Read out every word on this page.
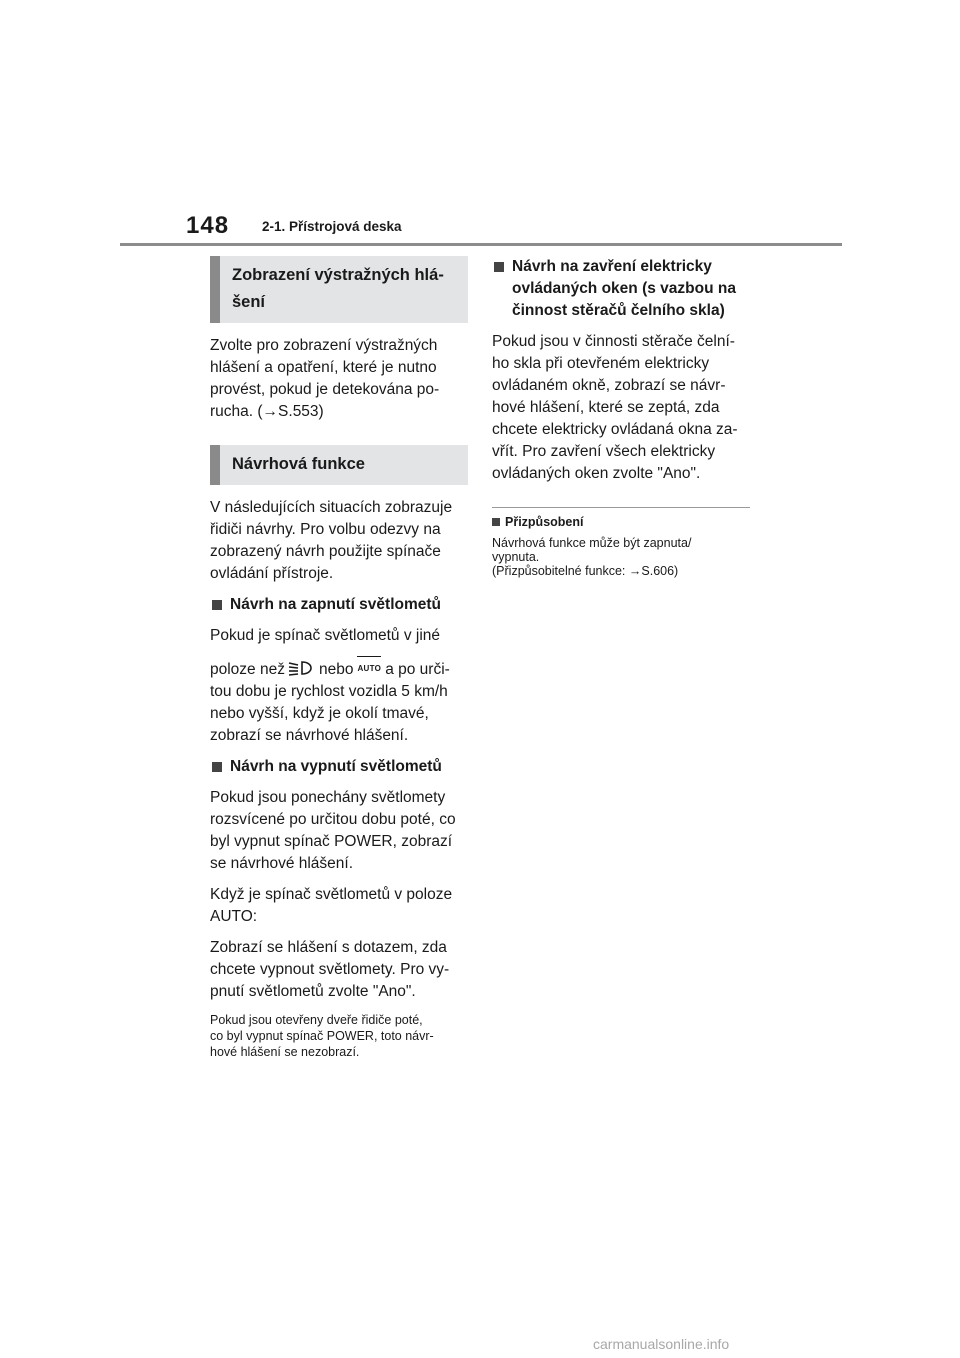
148 2-1. Přístrojová deska
Zobrazení výstražných hlá-
šení

Zvolte pro zobrazení výstražných
hlášení a opatření, které je nutno
provést, pokud je detekována po-
rucha. (→S.553)

Návrhová funkce

V následujících situacích zobrazuje
řidiči návrhy. Pro volbu odezvy na
zobrazený návrh použijte spínače
ovládání přístroje.

Návrh na zapnutí světlometů

Pokud je spínač světlometů v jiné

poloze než nebo AUTO a po urči-
tou dobu je rychlost vozidla 5 km/h
nebo vyšší, když je okolí tmavé,
zobrazí se návrhové hlášení.

Návrh na vypnutí světlometů

Pokud jsou ponechány světlomety
rozsvícené po určitou dobu poté, co
byl vypnut spínač POWER, zobrazí
se návrhové hlášení.

Když je spínač světlometů v poloze
AUTO:

Zobrazí se hlášení s dotazem, zda
chcete vypnout světlomety. Pro vy-
pnutí světlometů zvolte "Ano".

Pokud jsou otevřeny dveře řidiče poté,
co byl vypnut spínač POWER, toto návr-
hové hlášení se nezobrazí.

Návrh na zavření elektricky
ovládaných oken (s vazbou na
činnost stěračů čelního skla)

Pokud jsou v činnosti stěrače čelní-
ho skla při otevřeném elektricky
ovládaném okně, zobrazí se návr-
hové hlášení, které se zeptá, zda
chcete elektricky ovládaná okna za-
vřít. Pro zavření všech elektricky
ovládaných oken zvolte "Ano".

Přizpůsobení

Návrhová funkce může být zapnuta/
vypnuta.
(Přizpůsobitelné funkce: →S.606)

carmanualsonline.info
